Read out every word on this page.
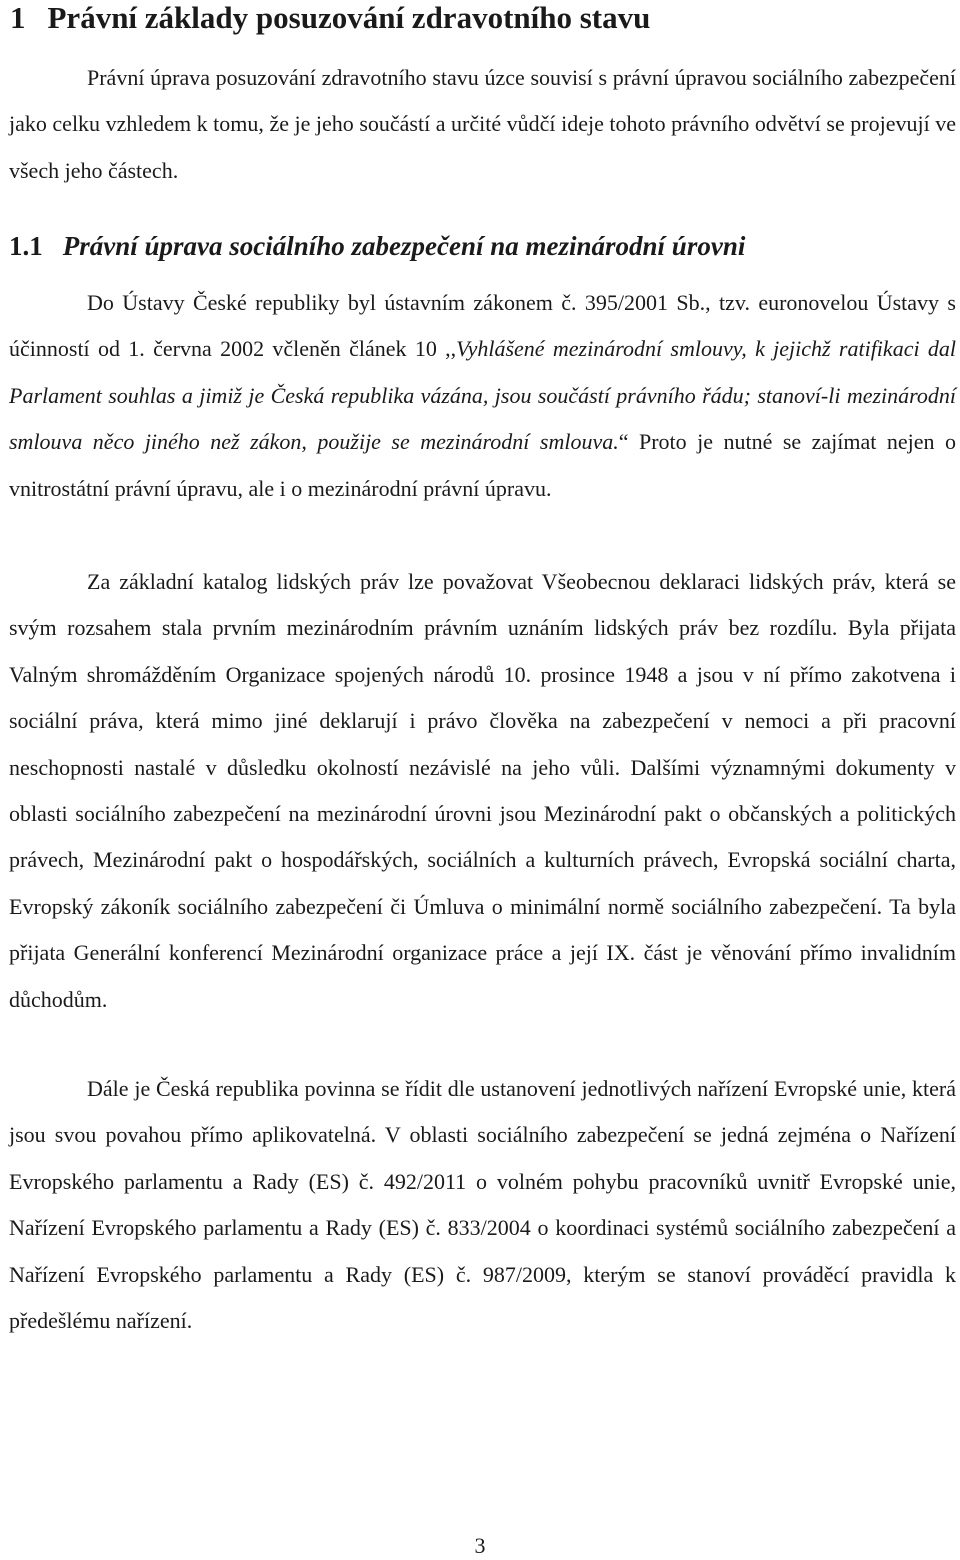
1 Právní základy posuzování zdravotního stavu

Právní úprava posuzování zdravotního stavu úzce souvisí s právní úpravou sociálního zabezpečení jako celku vzhledem k tomu, že je jeho součástí a určité vůdčí ideje tohoto právního odvětví se projevují ve všech jeho částech.

1.1 Právní úprava sociálního zabezpečení na mezinárodní úrovni

Do Ústavy České republiky byl ústavním zákonem č. 395/2001 Sb., tzv. euronovelou Ústavy s účinností od 1. června 2002 včleněn článek 10 ,,Vyhlášené mezinárodní smlouvy, k jejichž ratifikaci dal Parlament souhlas a jimiž je Česká republika vázána, jsou součástí právního řádu; stanoví-li mezinárodní smlouva něco jiného než zákon, použije se mezinárodní smlouva.“ Proto je nutné se zajímat nejen o vnitrostátní právní úpravu, ale i o mezinárodní právní úpravu.

Za základní katalog lidských práv lze považovat Všeobecnou deklaraci lidských práv, která se svým rozsahem stala prvním mezinárodním právním uznáním lidských práv bez rozdílu. Byla přijata Valným shromážděním Organizace spojených národů 10. prosince 1948 a jsou v ní přímo zakotvena i sociální práva, která mimo jiné deklarují i právo člověka na zabezpečení v nemoci a při pracovní neschopnosti nastalé v důsledku okolností nezávislé na jeho vůli. Dalšími významnými dokumenty v oblasti sociálního zabezpečení na mezinárodní úrovni jsou Mezinárodní pakt o občanských a politických právech, Mezinárodní pakt o hospodářských, sociálních a kulturních právech, Evropská sociální charta, Evropský zákoník sociálního zabezpečení či Úmluva o minimální normě sociálního zabezpečení. Ta byla přijata Generální konferencí Mezinárodní organizace práce a její IX. část je věnování přímo invalidním důchodům.

Dále je Česká republika povinna se řídit dle ustanovení jednotlivých nařízení Evropské unie, která jsou svou povahou přímo aplikovatelná. V oblasti sociálního zabezpečení se jedná zejména o Nařízení Evropského parlamentu a Rady (ES) č. 492/2011 o volném pohybu pracovníků uvnitř Evropské unie, Nařízení Evropského parlamentu a Rady (ES) č. 833/2004 o koordinaci systémů sociálního zabezpečení a Nařízení Evropského parlamentu a Rady (ES) č. 987/2009, kterým se stanoví prováděcí pravidla k předešlému nařízení.

3
